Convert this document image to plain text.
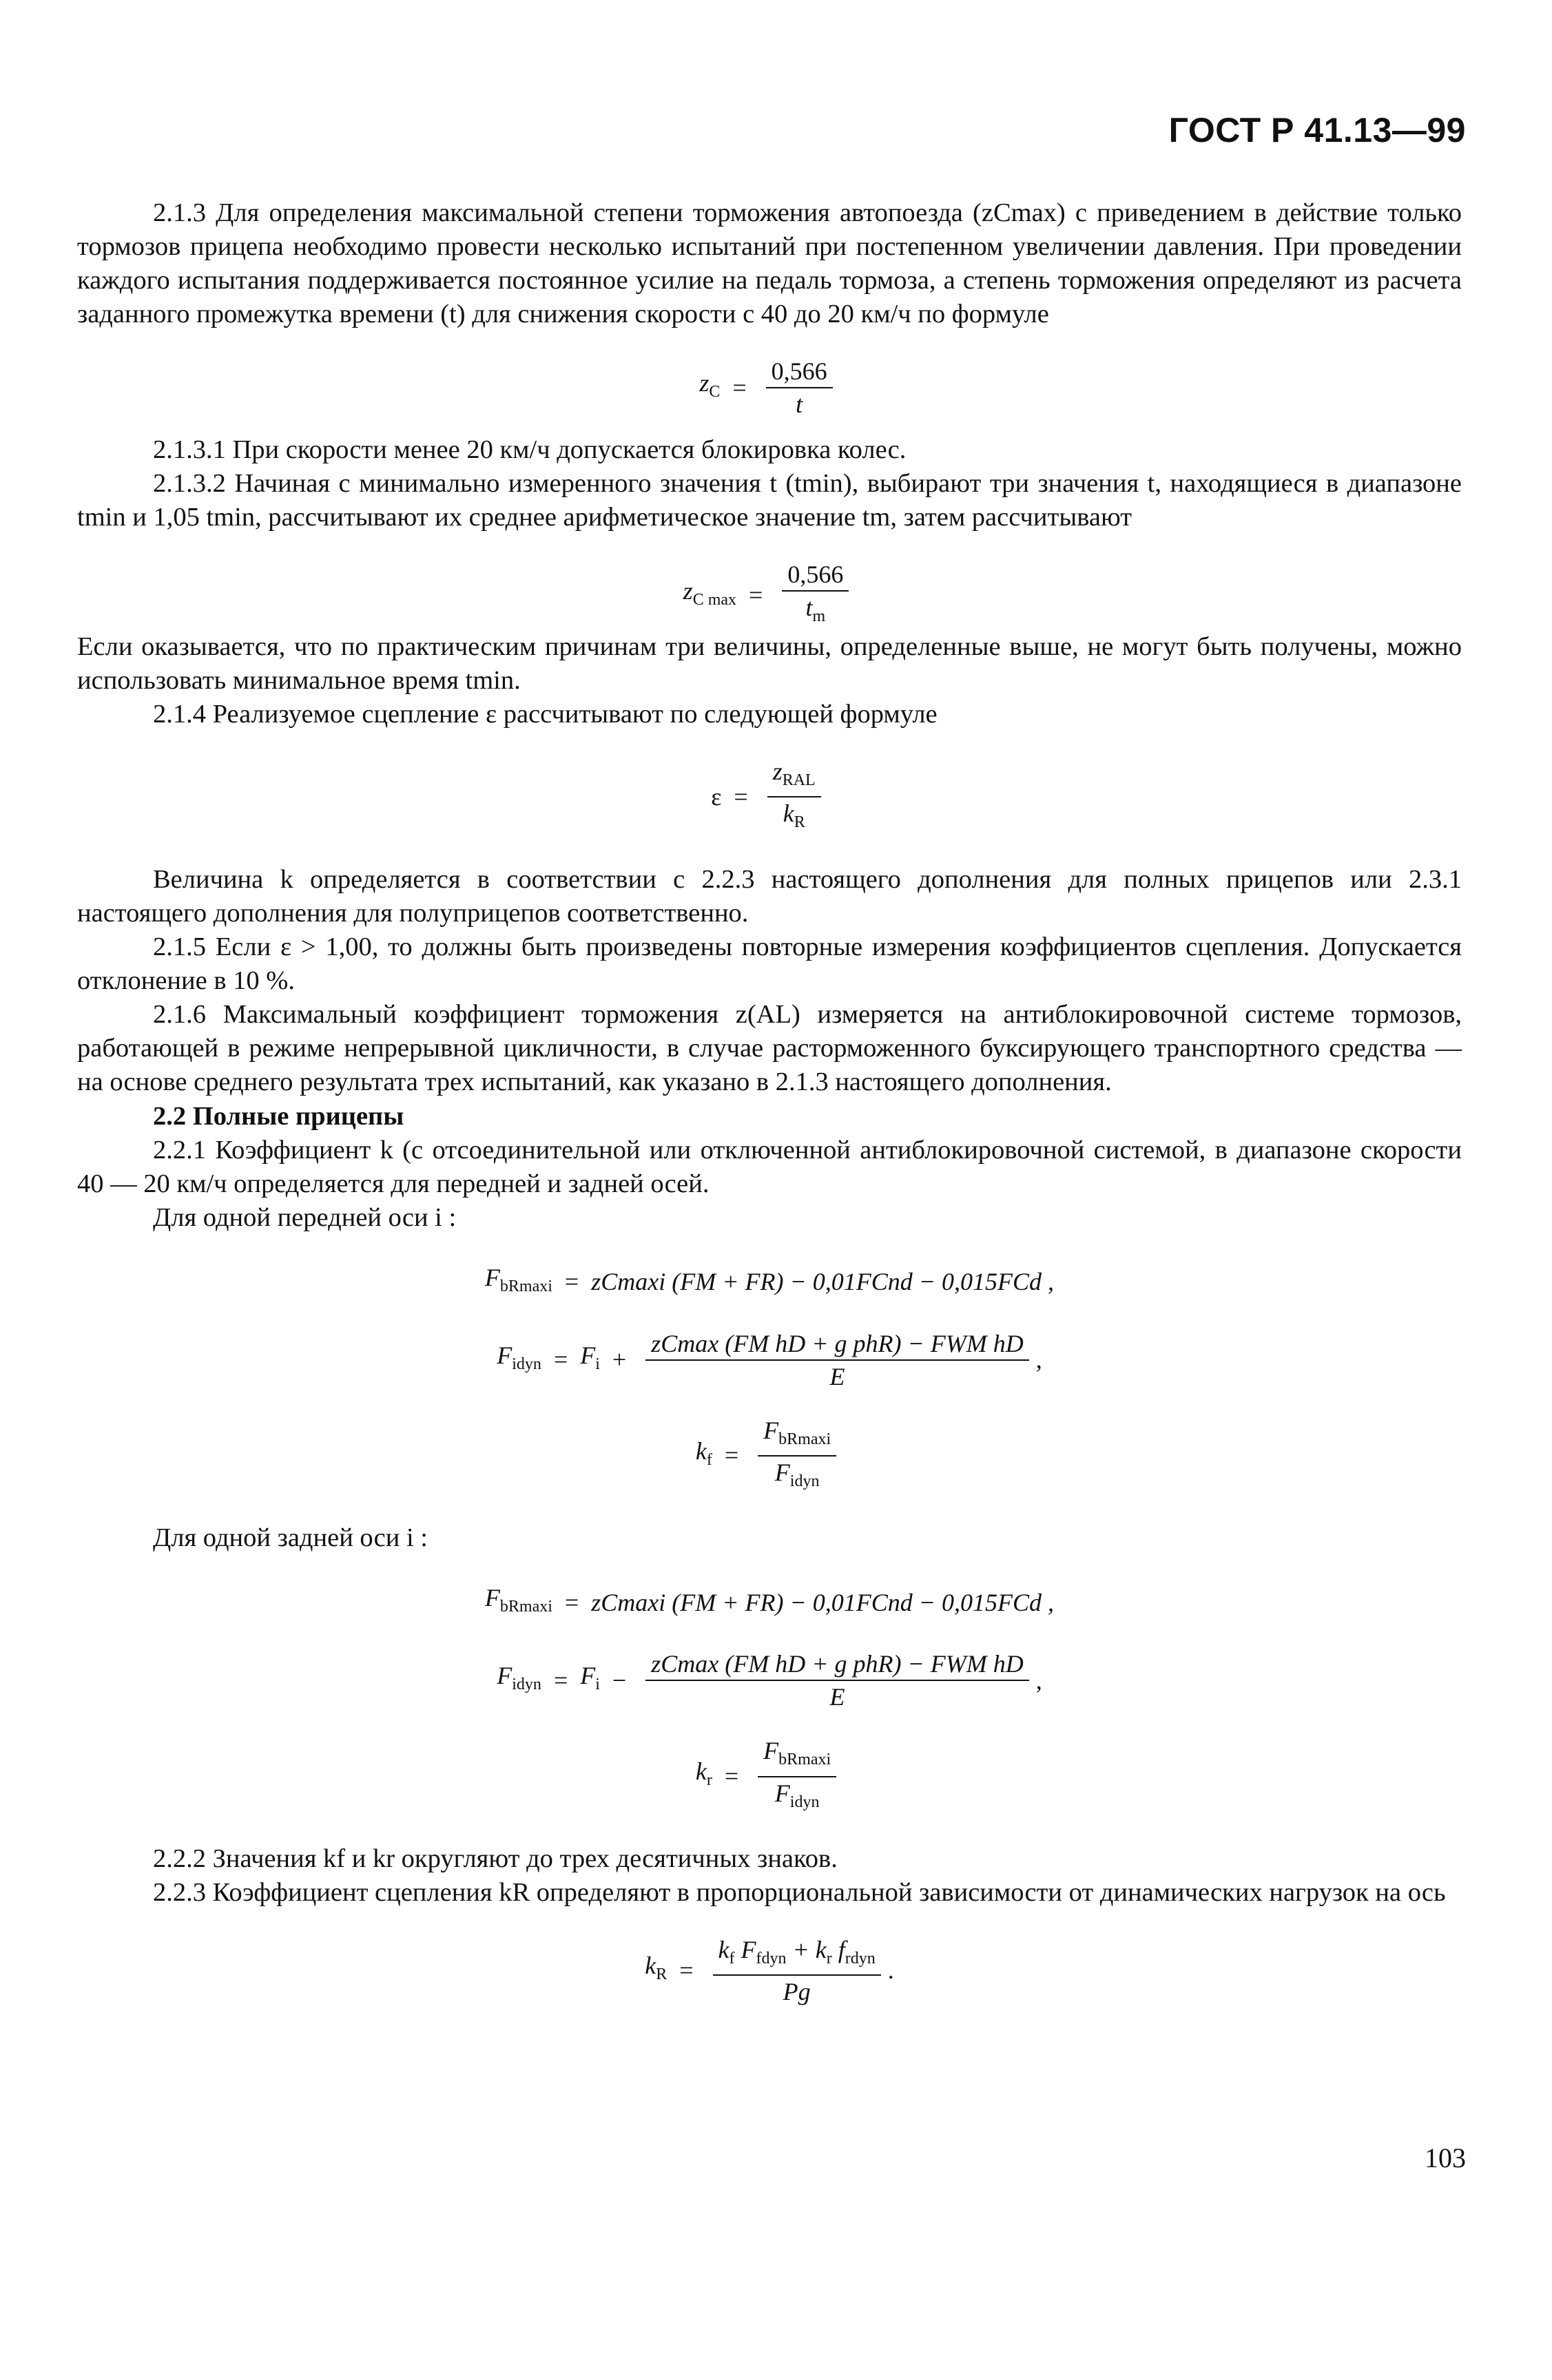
ГОСТ Р 41.13—99

2.1.3 Для определения максимальной степени торможения автопоезда (zCmax) с приведением в действие только тормозов прицепа необходимо провести несколько испытаний при постепенном увеличении давления. При проведении каждого испытания поддерживается постоянное усилие на педаль тормоза, а степень торможения определяют из расчета заданного промежутка времени (t) для снижения скорости с 40 до 20 км/ч по формуле

$z_C = \frac{0,566}{t}$

2.1.3.1 При скорости менее 20 км/ч допускается блокировка колес.

2.1.3.2 Начиная с минимально измеренного значения t (tmin), выбирают три значения t, находящиеся в диапазоне tmin и 1,05 tmin, рассчитывают их среднее арифметическое значение tm, затем рассчитывают

$z_{C max} = \frac{0,566}{t_m}$

Если оказывается, что по практическим причинам три величины, определенные выше, не могут быть получены, можно использовать минимальное время tmin.

2.1.4 Реализуемое сцепление ε рассчитывают по следующей формуле

$\varepsilon = \frac{z_{RAL}}{k_R}$

Величина k определяется в соответствии с 2.2.3 настоящего дополнения для полных прицепов или 2.3.1 настоящего дополнения для полуприцепов соответственно.

2.1.5 Если ε > 1,00, то должны быть произведены повторные измерения коэффициентов сцепления. Допускается отклонение в 10 %.

2.1.6 Максимальный коэффициент торможения z(AL) измеряется на антиблокировочной системе тормозов, работающей в режиме непрерывной цикличности, в случае расторможенного буксирующего транспортного средства — на основе среднего результата трех испытаний, как указано в 2.1.3 настоящего дополнения.

2.2 Полные прицепы

2.2.1 Коэффициент k (с отсоединительной или отключенной антиблокировочной системой, в диапазоне скорости 40 — 20 км/ч определяется для передней и задней осей.

Для одной передней оси i :

$F_{bRmaxi} = zCmaxi$ (FM + FR) − 0,01FCnd − 0,015FCd ,
$F_{idyn} = F_i + \frac{\text{zCmax (FM hD + g phR) − FWM hD}}{E}$ ,
$k_f = \frac{F_{bRmaxi}}{F_{idyn}}$

Для одной задней оси i :

$F_{bRmaxi} = zCmaxi$ (FM + FR) − 0,01FCnd − 0,015FCd ,
$F_{idyn} = F_i - \frac{\text{zCmax (FM hD + g phR) − FWM hD}}{E}$ ,
$k_r = \frac{F_{bRmaxi}}{F_{idyn}}$

2.2.2 Значения kf и kr округляют до трех десятичных знаков.

2.2.3 Коэффициент сцепления kR определяют в пропорциональной зависимости от динамических нагрузок на ось

$k_R = \frac{k_f F_{fdyn} + k_r f_{rdyn}}{Pg}$ .
103
